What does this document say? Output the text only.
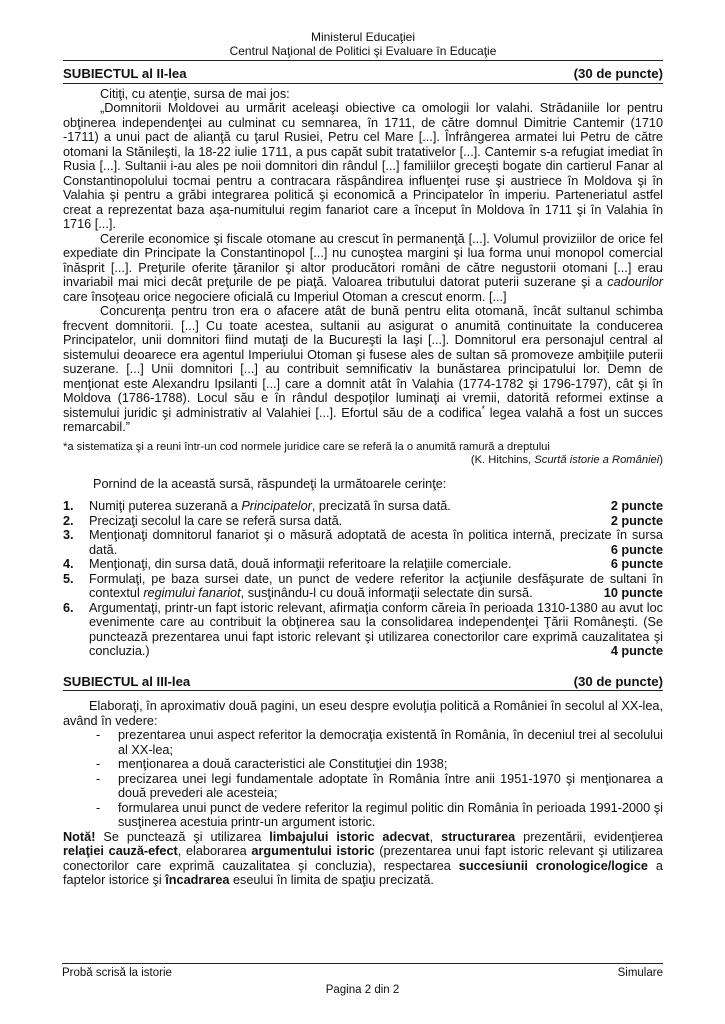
Ministerul Educaţiei
Centrul Naţional de Politici şi Evaluare în Educaţie
SUBIECTUL al II-lea	(30 de puncte)

Citiţi, cu atenţie, sursa de mai jos:

„Domnitorii Moldovei au urmărit aceleaşi obiective ca omologii lor valahi. Strădaniile lor pentru obţinerea independenţei au culminat cu semnarea, în 1711, de către domnul Dimitrie Cantemir (1710 -1711) a unui pact de alianţă cu ţarul Rusiei, Petru cel Mare [...]. Înfrângerea armatei lui Petru de către otomani la Stănileşti, la 18-22 iulie 1711, a pus capăt subit tratativelor [...]. Cantemir s-a refugiat imediat în Rusia [...]. Sultanii i-au ales pe noii domnitori din rândul [...] familiilor greceşti bogate din cartierul Fanar al Constantinopolului tocmai pentru a contracara răspândirea influenţei ruse şi austriece în Moldova şi în Valahia şi pentru a grăbi integrarea politică şi economică a Principatelor în imperiu. Parteneriatul astfel creat a reprezentat baza aşa-numitului regim fanariot care a început în Moldova în 1711 şi în Valahia în 1716 [...].

Cererile economice şi fiscale otomane au crescut în permanenţă [...]. Volumul proviziilor de orice fel expediate din Principate la Constantinopol [...] nu cunoştea margini şi lua forma unui monopol comercial înăsprit [...]. Preţurile oferite ţăranilor şi altor producători români de către negustorii otomani [...] erau invariabil mai mici decât preţurile de pe piaţă. Valoarea tributului datorat puterii suzerane şi a cadourilor care însoţeau orice negociere oficială cu Imperiul Otoman a crescut enorm. [...]

Concurenţa pentru tron era o afacere atât de bună pentru elita otomană, încât sultanul schimba frecvent domnitorii. [...] Cu toate acestea, sultanii au asigurat o anumită continuitate la conducerea Principatelor, unii domnitori fiind mutaţi de la Bucureşti la Iaşi [...]. Domnitorul era personajul central al sistemului deoarece era agentul Imperiului Otoman şi fusese ales de sultan să promoveze ambiţiile puterii suzerane. [...] Unii domnitori [...] au contribuit semnificativ la bunăstarea principatului lor. Demn de menţionat este Alexandru Ipsilanti [...] care a domnit atât în Valahia (1774-1782 şi 1796-1797), cât şi în Moldova (1786-1788). Locul său e în rândul despoţilor luminaţi ai vremii, datorită reformei extinse a sistemului juridic şi administrativ al Valahiei [...]. Efortul său de a codifica* legea valahă a fost un succes remarcabil.”

*a sistematiza şi a reuni într-un cod normele juridice care se referă la o anumită ramură a dreptului

(K. Hitchins, Scurtă istorie a României)

Pornind de la această sursă, răspundeţi la următoarele cerinţe:

1.	Numiţi puterea suzerană a Principatelor, precizată în sursa dată.	2 puncte
2.	Precizaţi secolul la care se referă sursa dată.	2 puncte
3.	Menţionaţi domnitorul fanariot şi o măsură adoptată de acesta în politica internă, precizate în sursa dată.	6 puncte
4.	Menţionaţi, din sursa dată, două informaţii referitoare la relaţiile comerciale.	6 puncte
5.	Formulaţi, pe baza sursei date, un punct de vedere referitor la acţiunile desfăşurate de sultani în contextul regimului fanariot, susţinându-l cu două informaţii selectate din sursă.	10 puncte
6.	Argumentaţi, printr-un fapt istoric relevant, afirmaţia conform căreia în perioada 1310-1380 au avut loc evenimente care au contribuit la obţinerea sau la consolidarea independenţei Ţării Româneşti. (Se punctează prezentarea unui fapt istoric relevant şi utilizarea conectorilor care exprimă cauzalitatea şi concluzia.)	4 puncte
SUBIECTUL al III-lea	(30 de puncte)

Elaboraţi, în aproximativ două pagini, un eseu despre evoluţia politică a României în secolul al XX-lea, având în vedere:

-	prezentarea unui aspect referitor la democraţia existentă în România, în deceniul trei al secolului al XX-lea;
-	menţionarea a două caracteristici ale Constituţiei din 1938;
-	precizarea unei legi fundamentale adoptate în România între anii 1951-1970 şi menţionarea a două prevederi ale acesteia;
-	formularea unui punct de vedere referitor la regimul politic din România în perioada 1991-2000 şi susţinerea acestuia printr-un argument istoric.

Notă! Se punctează şi utilizarea limbajului istoric adecvat, structurarea prezentării, evidenţierea relaţiei cauză-efect, elaborarea argumentului istoric (prezentarea unui fapt istoric relevant şi utilizarea conectorilor care exprimă cauzalitatea şi concluzia), respectarea succesiunii cronologice/logice a faptelor istorice şi încadrarea eseului în limita de spaţiu precizată.

Probă scrisă la istorie	Simulare
Pagina 2 din 2
